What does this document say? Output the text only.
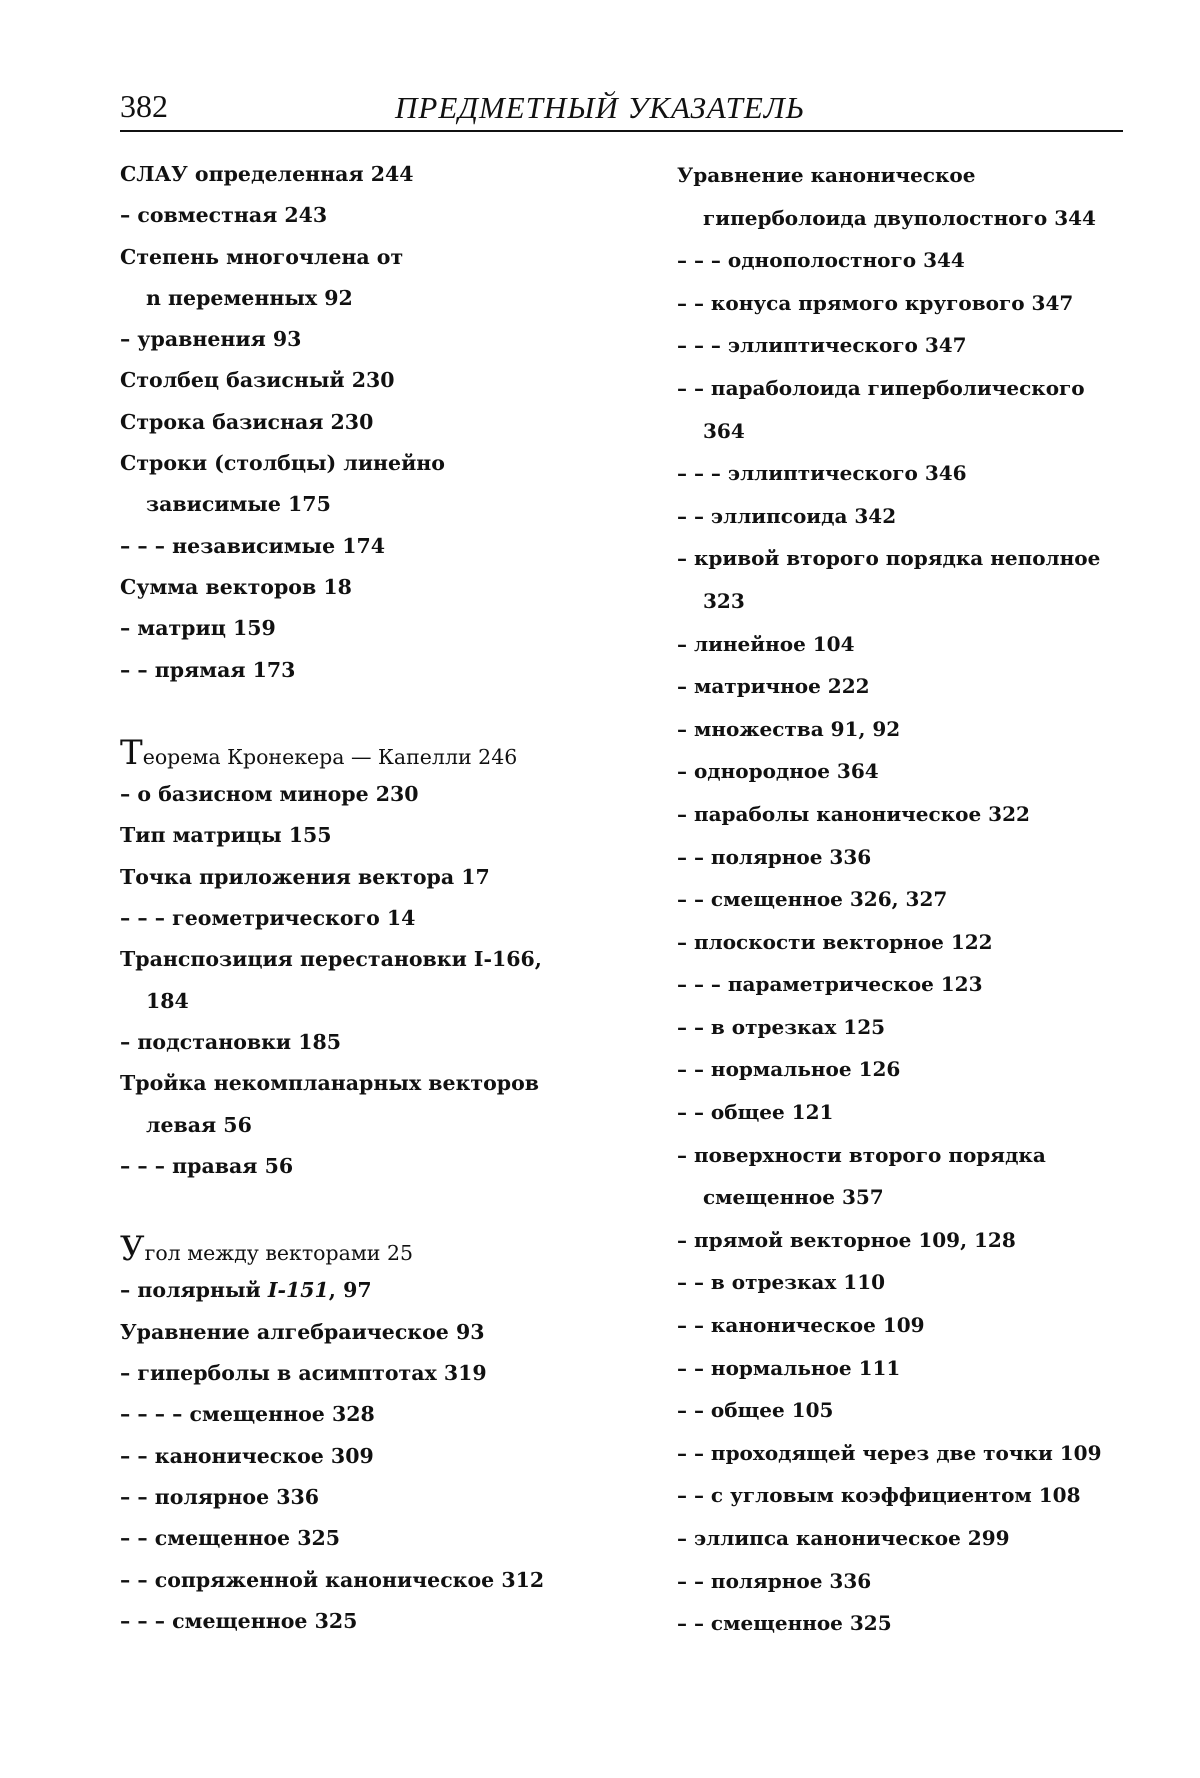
382	ПРЕДМЕТНЫЙ УКАЗАТЕЛЬ
СЛАУ определенная 244
– совместная 243
Степень многочлена от
n переменных 92
– уравнения 93
Столбец базисный 230
Строка базисная 230
Строки (столбцы) линейно
зависимые 175
– – – независимые 174
Сумма векторов 18
– матриц 159
– – прямая 173
Теорема Кронекера — Капелли 246
– о базисном миноре 230
Тип матрицы 155
Точка приложения вектора 17
– – – геометрического 14
Транспозиция перестановки I-166,
184
– подстановки 185
Тройка некомпланарных векторов
левая 56
– – – правая 56
Угол между векторами 25
– полярный I-151, 97
Уравнение алгебраическое 93
– гиперболы в асимптотах 319
– – – – смещенное 328
– – каноническое 309
– – полярное 336
– – смещенное 325
– – сопряженной каноническое 312
– – – смещенное 325
Уравнение каноническое
гиперболоида двуполостного 344
– – – однополостного 344
– – конуса прямого кругового 347
– – – эллиптического 347
– – параболоида гиперболического
364
– – – эллиптического 346
– – эллипсоида 342
– кривой второго порядка неполное
323
– линейное 104
– матричное 222
– множества 91, 92
– однородное 364
– параболы каноническое 322
– – полярное 336
– – смещенное 326, 327
– плоскости векторное 122
– – – параметрическое 123
– – в отрезках 125
– – нормальное 126
– – общее 121
– поверхности второго порядка
смещенное 357
– прямой векторное 109, 128
– – в отрезках 110
– – каноническое 109
– – нормальное 111
– – общее 105
– – проходящей через две точки 109
– – с угловым коэффициентом 108
– эллипса каноническое 299
– – полярное 336
– – смещенное 325
